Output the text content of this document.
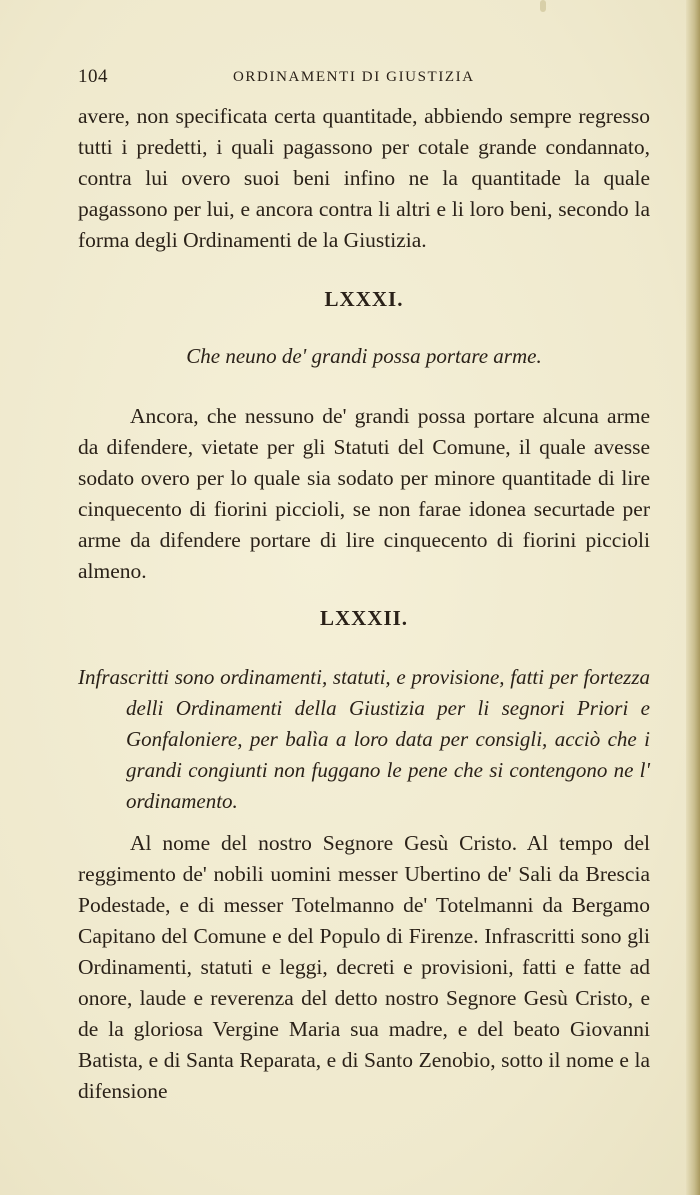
104	ORDINAMENTI DI GIUSTIZIA

avere, non specificata certa quantitade, abbiendo sempre regresso tutti i predetti, i quali pagassono per cotale grande condannato, contra lui overo suoi beni infino ne la quantitade la quale pagassono per lui, e ancora contra li altri e li loro beni, secondo la forma degli Ordinamenti de la Giustizia.

LXXXI.

Che neuno de' grandi possa portare arme.

Ancora, che nessuno de' grandi possa portare alcuna arme da difendere, vietate per gli Statuti del Comune, il quale avesse sodato overo per lo quale sia sodato per minore quantitade di lire cinquecento di fiorini piccioli, se non farae idonea securtade per arme da difendere portare di lire cinquecento di fiorini piccioli almeno.

LXXXII.

Infrascritti sono ordinamenti, statuti, e provisione, fatti per fortezza delli Ordinamenti della Giustizia per li segnori Priori e Gonfaloniere, per balìa a loro data per consigli, acciò che i grandi congiunti non fuggano le pene che si contengono ne l' ordinamento.

Al nome del nostro Segnore Gesù Cristo. Al tempo del reggimento de' nobili uomini messer Ubertino de' Sali da Brescia Podestade, e di messer Totelmanno de' Totelmanni da Bergamo Capitano del Comune e del Populo di Firenze. Infrascritti sono gli Ordinamenti, statuti e leggi, decreti e provisioni, fatti e fatte ad onore, laude e reverenza del detto nostro Segnore Gesù Cristo, e de la gloriosa Vergine Maria sua madre, e del beato Giovanni Batista, e di Santa Reparata, e di Santo Zenobio, sotto il nome e la difensione
